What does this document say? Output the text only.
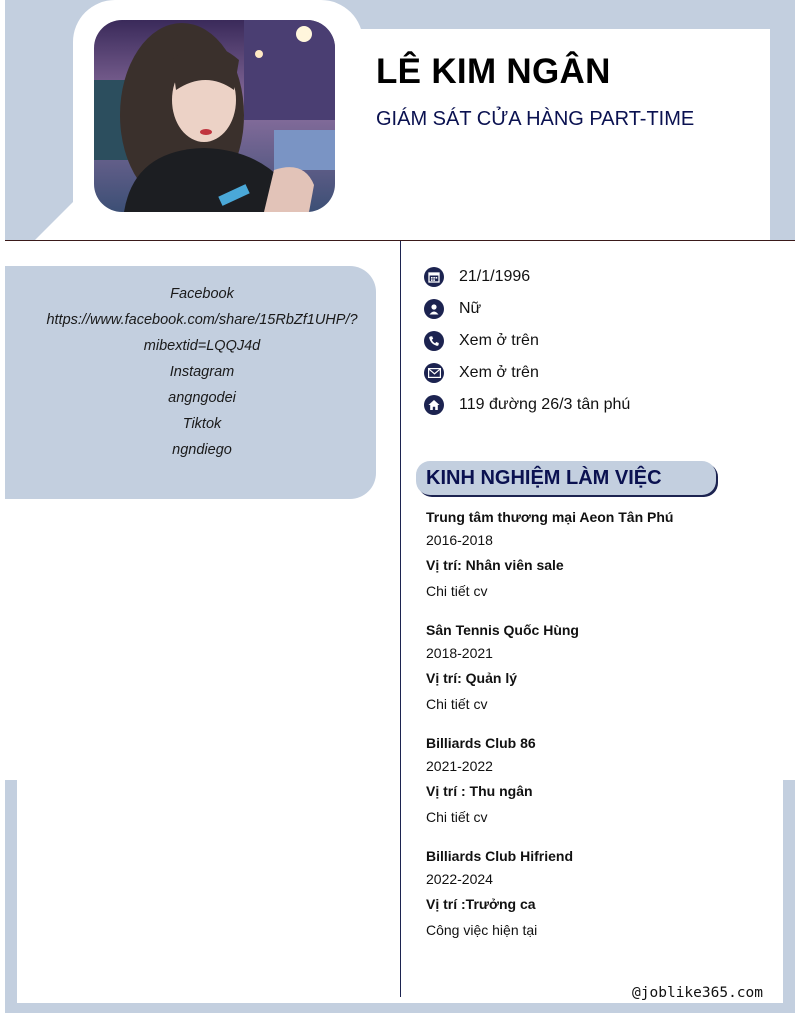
LÊ KIM NGÂN
GIÁM SÁT CỬA HÀNG PART-TIME
Facebook
https://www.facebook.com/share/15RbZf1UHP/?
mibextid=LQQJ4d
Instagram
angngodei
Tiktok
ngndiego
21/1/1996
Nữ
Xem ở trên
Xem ở trên
119 đường 26/3 tân phú
KINH NGHIỆM LÀM VIỆC
Trung tâm thương mại Aeon Tân Phú
2016-2018
Vị trí: Nhân viên sale
Chi tiết cv
Sân Tennis Quốc Hùng
2018-2021
Vị trí: Quản lý
Chi tiết cv
Billiards Club 86
2021-2022
Vị trí : Thu ngân
Chi tiết cv
Billiards Club Hifriend
2022-2024
Vị trí :Trưởng ca
Công việc hiện tại
@joblike365.com
